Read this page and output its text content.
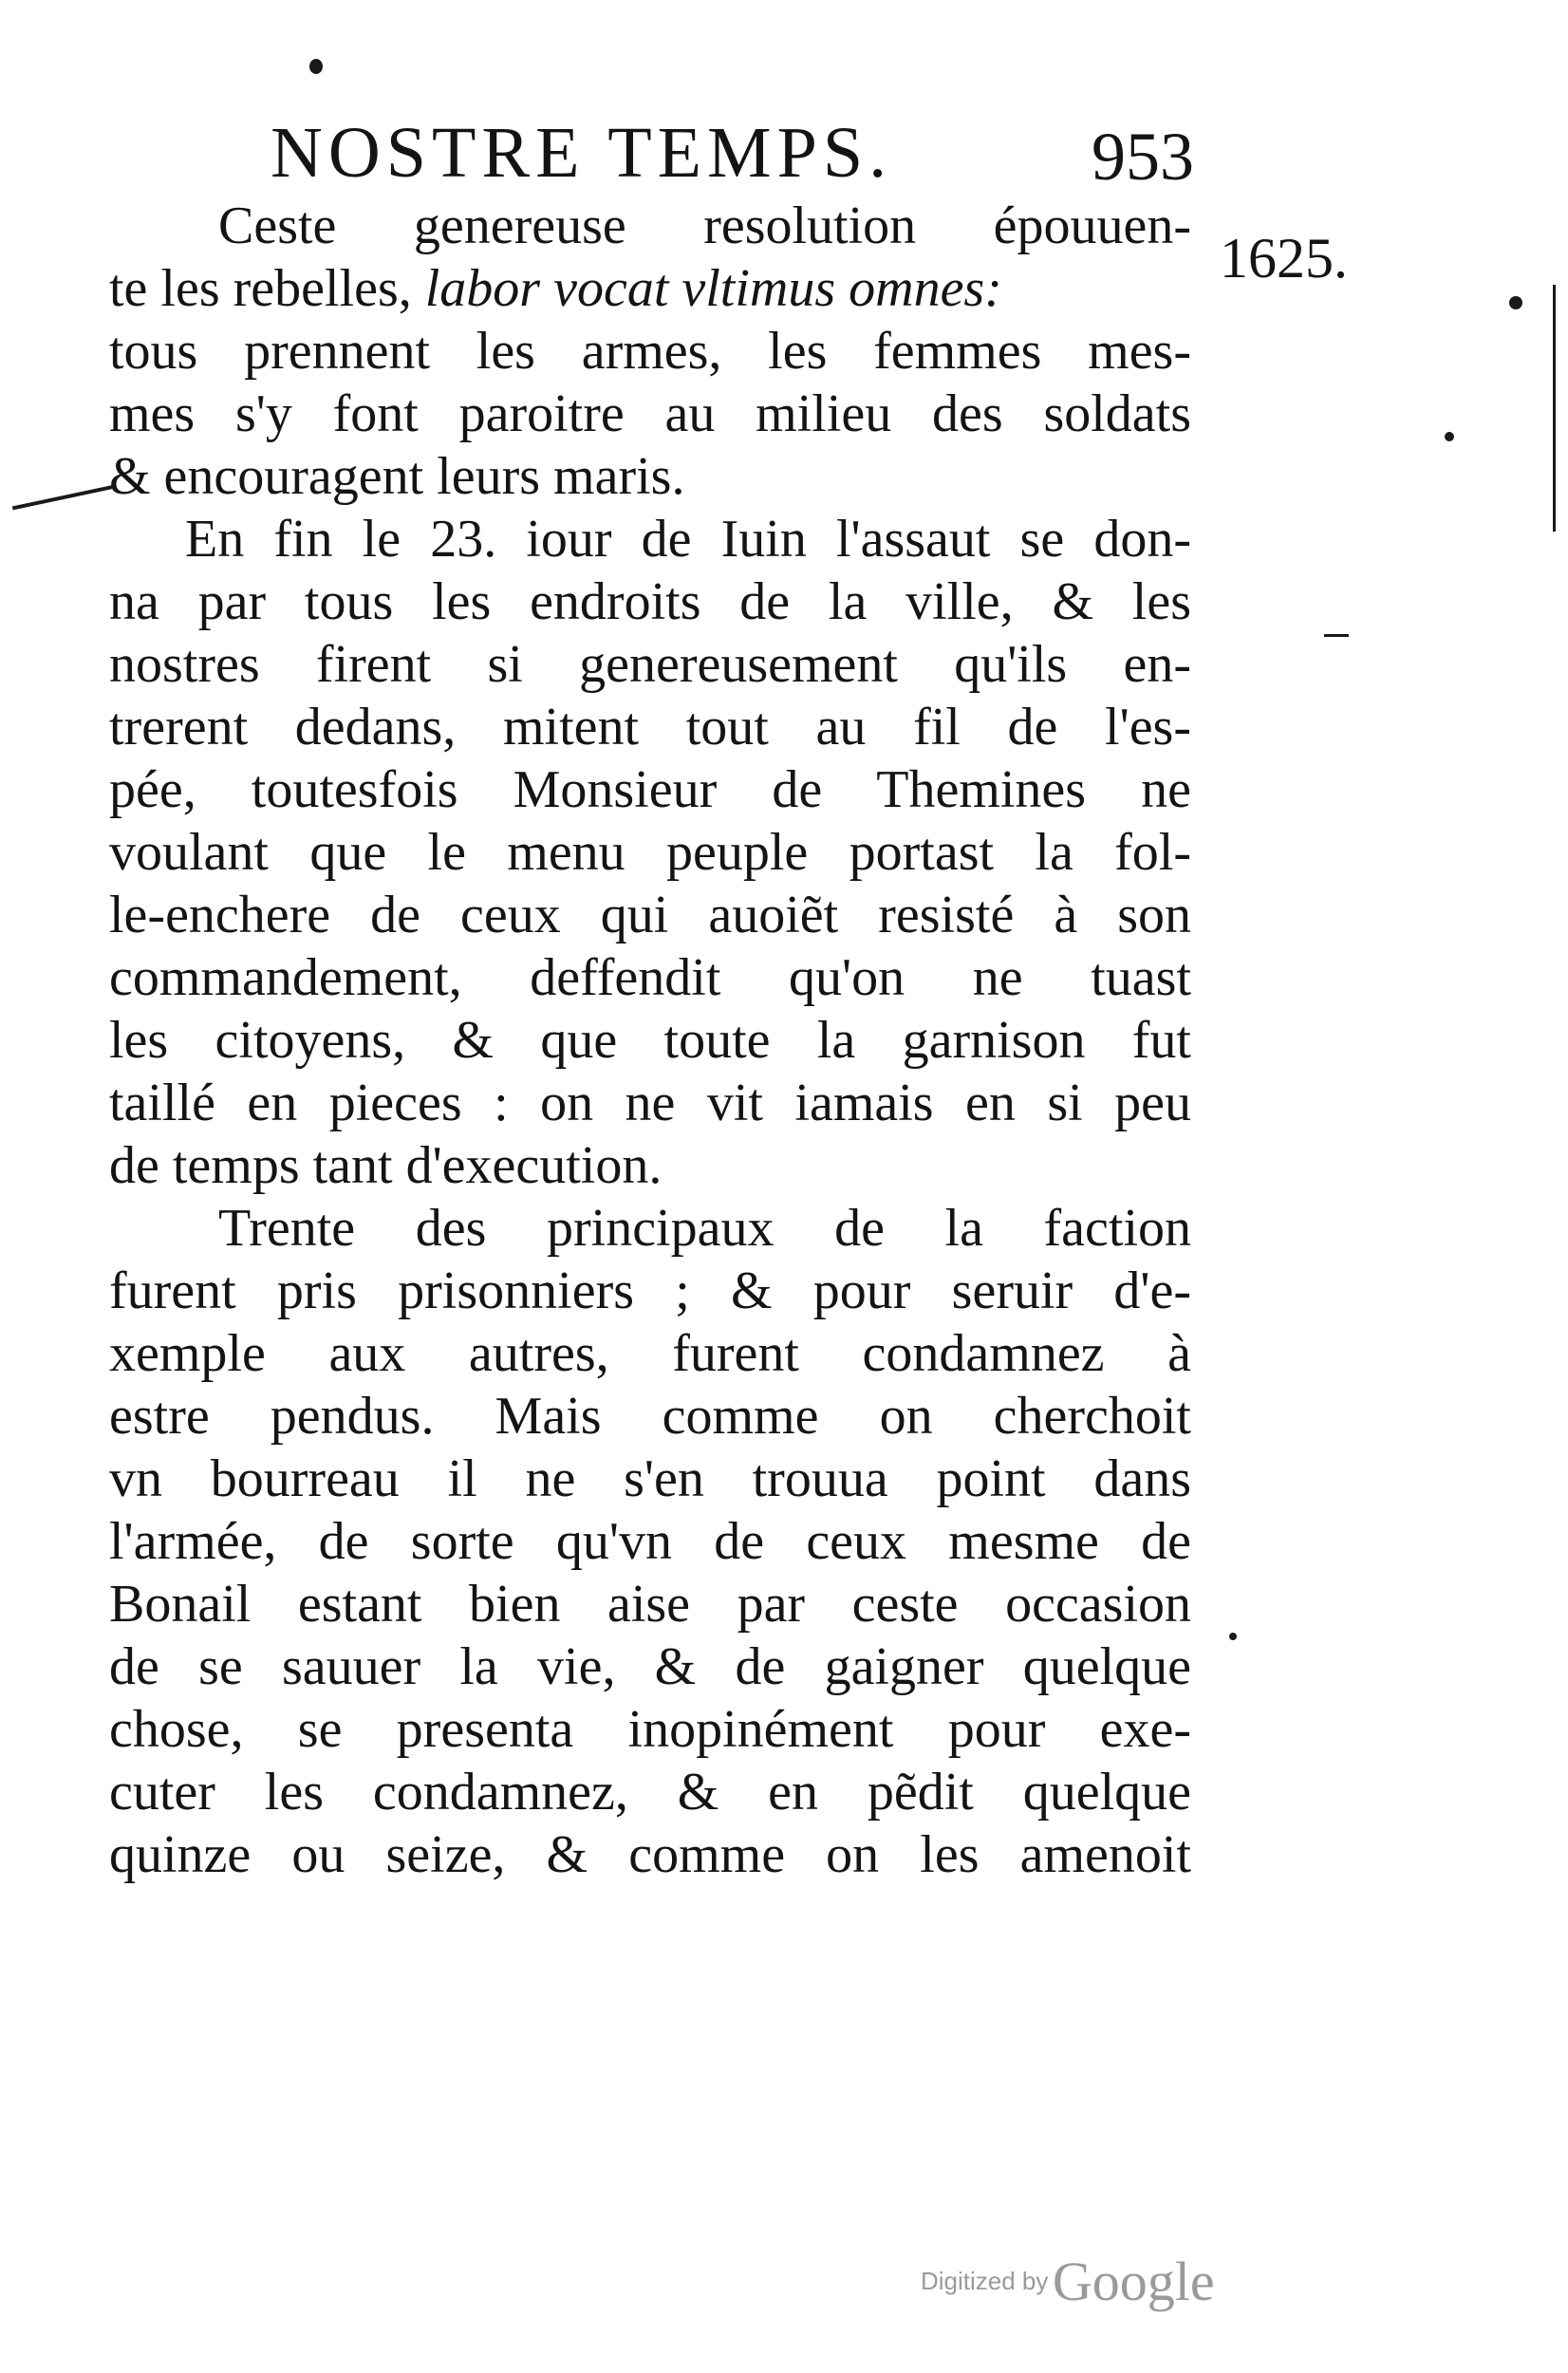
NOSTRE TEMPS.	953
1625.
Ceste genereuse resolution épouuen-
te les rebelles, labor vocat vltimus omnes:
tous prennent les armes, les femmes mes-
mes s'y font paroitre au milieu des soldats
& encouragent leurs maris.
En fin le 23. iour de Iuin l'assaut se don-
na par tous les endroits de la ville, & les
nostres firent si genereusement qu'ils en-
trerent dedans, mitent tout au fil de l'es-
pée, toutesfois Monsieur de Themines ne
voulant que le menu peuple portast la fol-
le-enchere de ceux qui auoiẽt resisté à son
commandement, deffendit qu'on ne tuast
les citoyens, & que toute la garnison fut
taillé en pieces : on ne vit iamais en si peu
de temps tant d'execution.
Trente des principaux de la faction
furent pris prisonniers ; & pour seruir d'e-
xemple aux autres, furent condamnez à
estre pendus. Mais comme on cherchoit
vn bourreau il ne s'en trouua point dans
l'armée, de sorte qu'vn de ceux mesme de
Bonail estant bien aise par ceste occasion
de se sauuer la vie, & de gaigner quelque
chose, se presenta inopinément pour exe-
cuter les condamnez, & en pẽdit quelque
quinze ou seize, & comme on les amenoit
Digitized by Google
